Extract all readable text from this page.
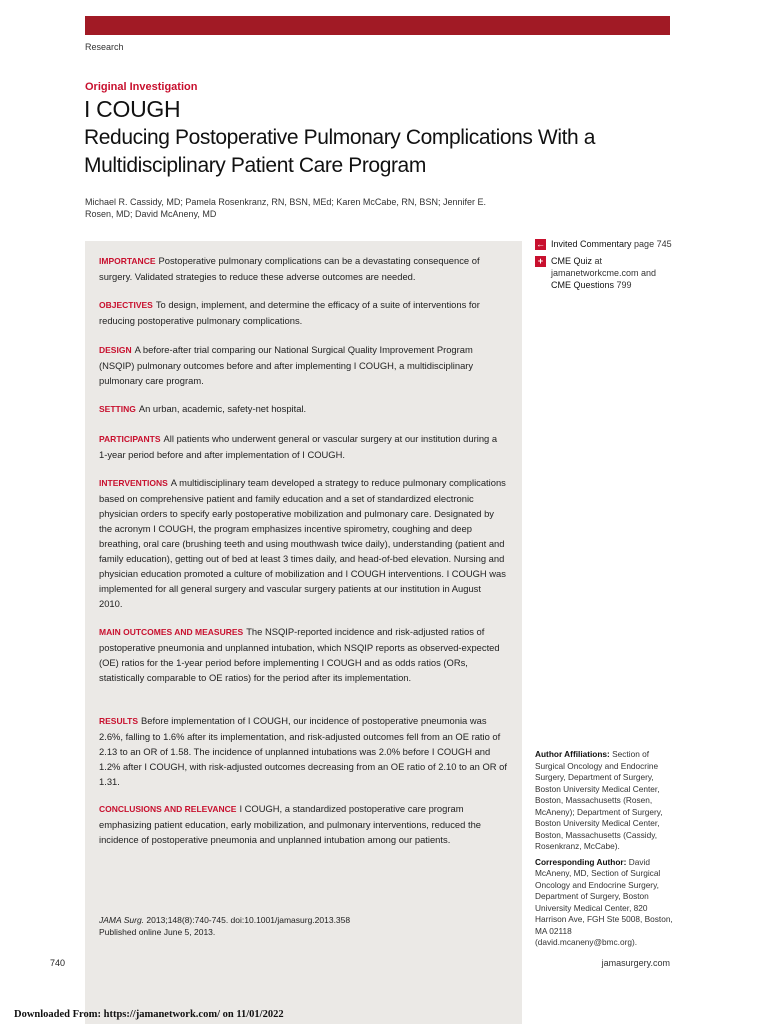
Research
Original Investigation
I COUGH
Reducing Postoperative Pulmonary Complications With a Multidisciplinary Patient Care Program
Michael R. Cassidy, MD; Pamela Rosenkranz, RN, BSN, MEd; Karen McCabe, RN, BSN; Jennifer E. Rosen, MD; David McAneny, MD
IMPORTANCE Postoperative pulmonary complications can be a devastating consequence of surgery. Validated strategies to reduce these adverse outcomes are needed.
OBJECTIVES To design, implement, and determine the efficacy of a suite of interventions for reducing postoperative pulmonary complications.
DESIGN A before-after trial comparing our National Surgical Quality Improvement Program (NSQIP) pulmonary outcomes before and after implementing I COUGH, a multidisciplinary pulmonary care program.
SETTING An urban, academic, safety-net hospital.
PARTICIPANTS All patients who underwent general or vascular surgery at our institution during a 1-year period before and after implementation of I COUGH.
INTERVENTIONS A multidisciplinary team developed a strategy to reduce pulmonary complications based on comprehensive patient and family education and a set of standardized electronic physician orders to specify early postoperative mobilization and pulmonary care. Designated by the acronym I COUGH, the program emphasizes incentive spirometry, coughing and deep breathing, oral care (brushing teeth and using mouthwash twice daily), understanding (patient and family education), getting out of bed at least 3 times daily, and head-of-bed elevation. Nursing and physician education promoted a culture of mobilization and I COUGH interventions. I COUGH was implemented for all general surgery and vascular surgery patients at our institution in August 2010.
MAIN OUTCOMES AND MEASURES The NSQIP-reported incidence and risk-adjusted ratios of postoperative pneumonia and unplanned intubation, which NSQIP reports as observed-expected (OE) ratios for the 1-year period before implementing I COUGH and as odds ratios (ORs, statistically comparable to OE ratios) for the period after its implementation.
RESULTS Before implementation of I COUGH, our incidence of postoperative pneumonia was 2.6%, falling to 1.6% after its implementation, and risk-adjusted outcomes fell from an OE ratio of 2.13 to an OR of 1.58. The incidence of unplanned intubations was 2.0% before I COUGH and 1.2% after I COUGH, with risk-adjusted outcomes decreasing from an OE ratio of 2.10 to an OR of 1.31.
CONCLUSIONS AND RELEVANCE I COUGH, a standardized postoperative care program emphasizing patient education, early mobilization, and pulmonary interventions, reduced the incidence of postoperative pneumonia and unplanned intubation among our patients.
JAMA Surg. 2013;148(8):740-745. doi:10.1001/jamasurg.2013.358
Published online June 5, 2013.
← Invited Commentary page 745
+ CME Quiz at jamanetworkcme.com and CME Questions 799

Author Affiliations: Section of Surgical Oncology and Endocrine Surgery, Department of Surgery, Boston University Medical Center, Boston, Massachusetts (Rosen, McAneny); Department of Surgery, Boston University Medical Center, Boston, Massachusetts (Cassidy, Rosenkranz, McCabe).

Corresponding Author: David McAneny, MD, Section of Surgical Oncology and Endocrine Surgery, Department of Surgery, Boston University Medical Center, 820 Harrison Ave, FGH Ste 5008, Boston, MA 02118 (david.mcaneny@bmc.org).

740	jamasurgery.com
Downloaded From: https://jamanetwork.com/ on 11/01/2022
